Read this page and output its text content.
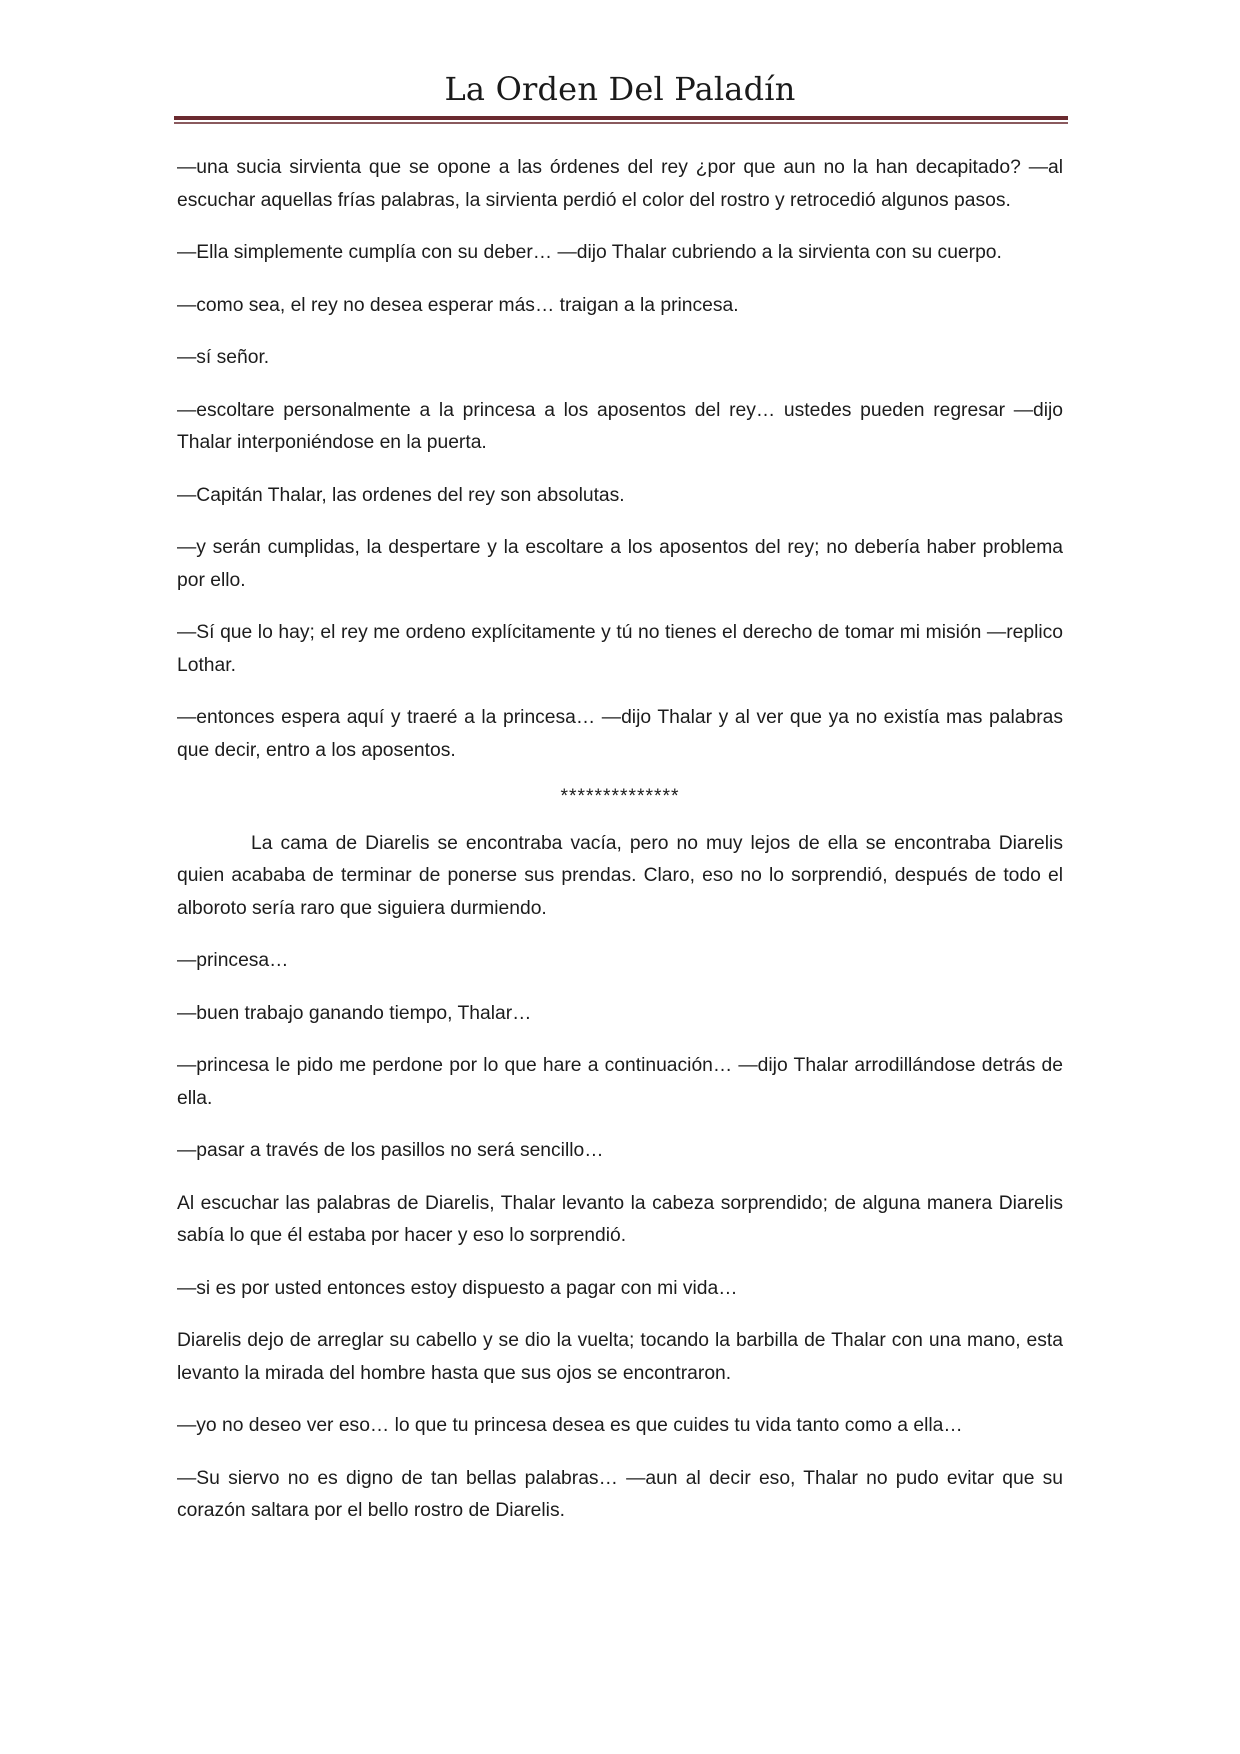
La Orden Del Paladín

—una sucia sirvienta que se opone a las órdenes del rey ¿por que aun no la han decapitado? —al escuchar aquellas frías palabras, la sirvienta perdió el color del rostro y retrocedió algunos pasos.

—Ella simplemente cumplía con su deber… —dijo Thalar cubriendo a la sirvienta con su cuerpo.

—como sea, el rey no desea esperar más… traigan a la princesa.

—sí señor.

—escoltare personalmente a la princesa a los aposentos del rey… ustedes pueden regresar —dijo Thalar interponiéndose en la puerta.

—Capitán Thalar, las ordenes del rey son absolutas.

—y serán cumplidas, la despertare y la escoltare a los aposentos del rey; no debería haber problema por ello.

—Sí que lo hay; el rey me ordeno explícitamente y tú no tienes el derecho de tomar mi misión —replico Lothar.

—entonces espera aquí y traeré a la princesa… —dijo Thalar y al ver que ya no existía mas palabras que decir, entro a los aposentos.

**************

La cama de Diarelis se encontraba vacía, pero no muy lejos de ella se encontraba Diarelis quien acababa de terminar de ponerse sus prendas. Claro, eso no lo sorprendió, después de todo el alboroto sería raro que siguiera durmiendo.

—princesa…

—buen trabajo ganando tiempo, Thalar…

—princesa le pido me perdone por lo que hare a continuación… —dijo Thalar arrodillándose detrás de ella.

—pasar a través de los pasillos no será sencillo…

Al escuchar las palabras de Diarelis, Thalar levanto la cabeza sorprendido; de alguna manera Diarelis sabía lo que él estaba por hacer y eso lo sorprendió.

—si es por usted entonces estoy dispuesto a pagar con mi vida…

Diarelis dejo de arreglar su cabello y se dio la vuelta; tocando la barbilla de Thalar con una mano, esta levanto la mirada del hombre hasta que sus ojos se encontraron.

—yo no deseo ver eso… lo que tu princesa desea es que cuides tu vida tanto como a ella…

—Su siervo no es digno de tan bellas palabras… —aun al decir eso, Thalar no pudo evitar que su corazón saltara por el bello rostro de Diarelis.
